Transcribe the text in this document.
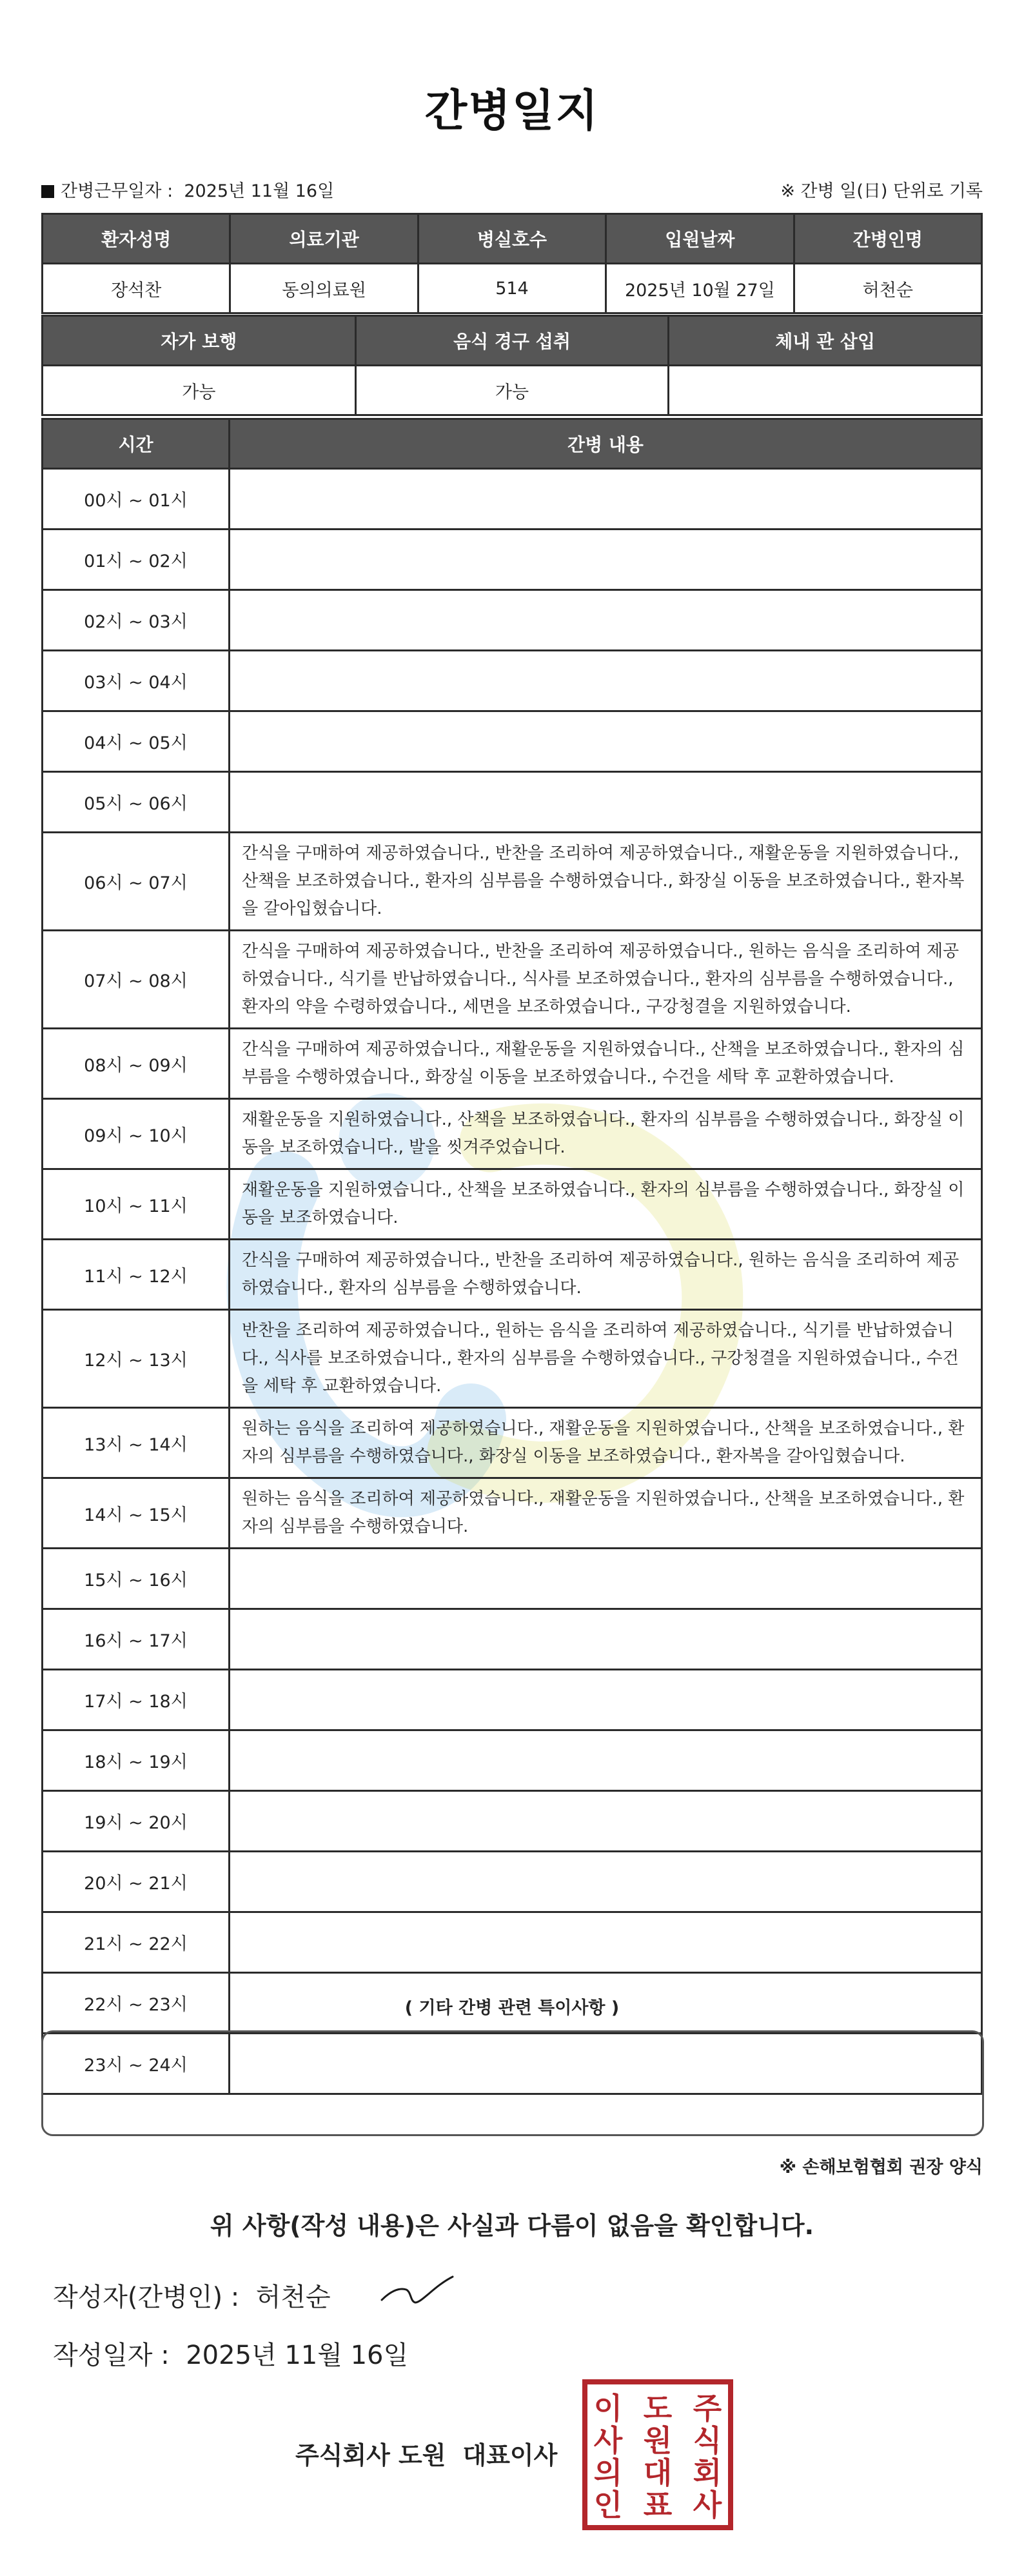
간병일지
간병근무일자 : 2025년 11월 16일	※ 간병 일(日) 단위로 기록
환자성명	의료기관	병실호수	입원날짜	간병인명
장석찬	동의의료원	514	2025년 10월 27일	허천순
자가 보행	음식 경구 섭취	체내 관 삽입
가능	가능	
시간	간병 내용
00시 ~ 01시	
01시 ~ 02시	
02시 ~ 03시	
03시 ~ 04시	
04시 ~ 05시	
05시 ~ 06시	
06시 ~ 07시	간식을 구매하여 제공하였습니다., 반찬을 조리하여 제공하였습니다., 재활운동을 지원하였습니다., 산책을 보조하였습니다., 환자의 심부름을 수행하였습니다., 화장실 이동을 보조하였습니다., 환자복을 갈아입혔습니다.
07시 ~ 08시	간식을 구매하여 제공하였습니다., 반찬을 조리하여 제공하였습니다., 원하는 음식을 조리하여 제공하였습니다., 식기를 반납하였습니다., 식사를 보조하였습니다., 환자의 심부름을 수행하였습니다., 환자의 약을 수령하였습니다., 세면을 보조하였습니다., 구강청결을 지원하였습니다.
08시 ~ 09시	간식을 구매하여 제공하였습니다., 재활운동을 지원하였습니다., 산책을 보조하였습니다., 환자의 심부름을 수행하였습니다., 화장실 이동을 보조하였습니다., 수건을 세탁 후 교환하였습니다.
09시 ~ 10시	재활운동을 지원하였습니다., 산책을 보조하였습니다., 환자의 심부름을 수행하였습니다., 화장실 이동을 보조하였습니다., 발을 씻겨주었습니다.
10시 ~ 11시	재활운동을 지원하였습니다., 산책을 보조하였습니다., 환자의 심부름을 수행하였습니다., 화장실 이동을 보조하였습니다.
11시 ~ 12시	간식을 구매하여 제공하였습니다., 반찬을 조리하여 제공하였습니다., 원하는 음식을 조리하여 제공하였습니다., 환자의 심부름을 수행하였습니다.
12시 ~ 13시	반찬을 조리하여 제공하였습니다., 원하는 음식을 조리하여 제공하였습니다., 식기를 반납하였습니다., 식사를 보조하였습니다., 환자의 심부름을 수행하였습니다., 구강청결을 지원하였습니다., 수건을 세탁 후 교환하였습니다.
13시 ~ 14시	원하는 음식을 조리하여 제공하였습니다., 재활운동을 지원하였습니다., 산책을 보조하였습니다., 환자의 심부름을 수행하였습니다., 화장실 이동을 보조하였습니다., 환자복을 갈아입혔습니다.
14시 ~ 15시	원하는 음식을 조리하여 제공하였습니다., 재활운동을 지원하였습니다., 산책을 보조하였습니다., 환자의 심부름을 수행하였습니다.
15시 ~ 16시	
16시 ~ 17시	
17시 ~ 18시	
18시 ~ 19시	
19시 ~ 20시	
20시 ~ 21시	
21시 ~ 22시	
22시 ~ 23시	
23시 ~ 24시	
( 기타 간병 관련 특이사항 )
※ 손해보험협회 권장 양식
위 사항(작성 내용)은 사실과 다름이 없음을 확인합니다.
작성자(간병인) : 허천순
작성일자 : 2025년 11월 16일
주식회사 도원 대표이사
주
식
회
사
도
원
대
표
이
사
의
인
